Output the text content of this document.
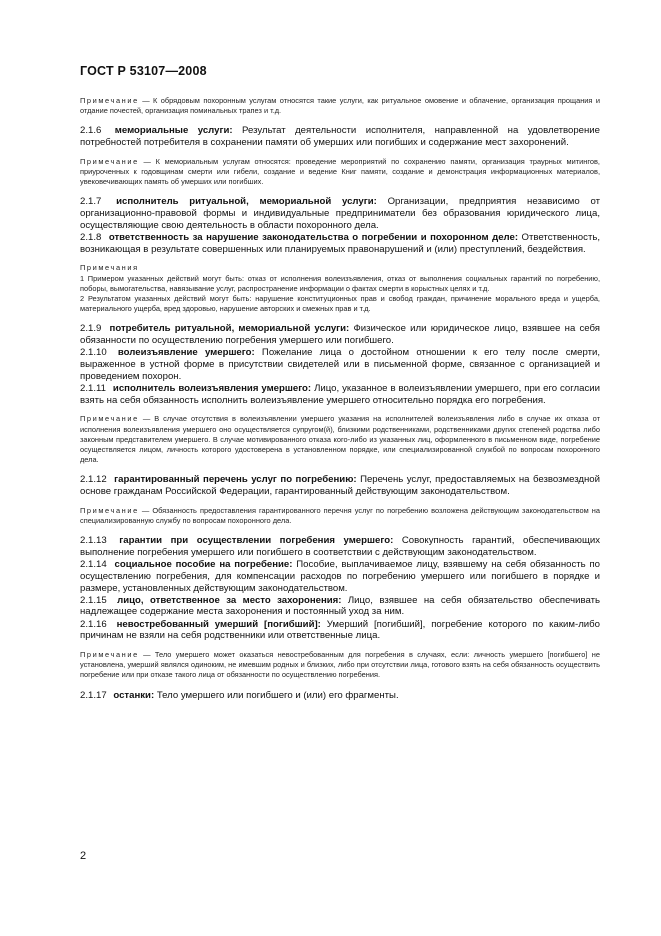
ГОСТ Р 53107—2008

Примечание — К обрядовым похоронным услугам относятся такие услуги, как ритуальное омовение и облачение, организация прощания и отдание почестей, организация поминальных трапез и т.д.

2.1.6 мемориальные услуги: Результат деятельности исполнителя, направленной на удовлетворение потребностей потребителя в сохранении памяти об умерших или погибших и содержание мест захоронений.

Примечание — К мемориальным услугам относятся: проведение мероприятий по сохранению памяти, организация траурных митингов, приуроченных к годовщинам смерти или гибели, создание и ведение Книг памяти, создание и демонстрация информационных материалов, увековечивающих память об умерших или погибших.

2.1.7 исполнитель ритуальной, мемориальной услуги: Организации, предприятия независимо от организационно-правовой формы и индивидуальные предприниматели без образования юридического лица, осуществляющие свою деятельность в области похоронного дела.

2.1.8 ответственность за нарушение законодательства о погребении и похоронном деле: Ответственность, возникающая в результате совершенных или планируемых правонарушений и (или) преступлений, бездействия.

Примечания

1 Примером указанных действий могут быть: отказ от исполнения волеизъявления, отказ от выполнения социальных гарантий по погребению, поборы, вымогательства, навязывание услуг, распространение информации о фактах смерти в корыстных целях и т.д.

2 Результатом указанных действий могут быть: нарушение конституционных прав и свобод граждан, причинение морального вреда и ущерба, материального ущерба, вред здоровью, нарушение авторских и смежных прав и т.д.

2.1.9 потребитель ритуальной, мемориальной услуги: Физическое или юридическое лицо, взявшее на себя обязанности по осуществлению погребения умершего или погибшего.

2.1.10 волеизъявление умершего: Пожелание лица о достойном отношении к его телу после смерти, выраженное в устной форме в присутствии свидетелей или в письменной форме, связанное с организацией и проведением похорон.

2.1.11 исполнитель волеизъявления умершего: Лицо, указанное в волеизъявлении умершего, при его согласии взять на себя обязанность исполнить волеизъявление умершего относительно порядка его погребения.

Примечание — В случае отсутствия в волеизъявлении умершего указания на исполнителей волеизъявления либо в случае их отказа от исполнения волеизъявления умершего оно осуществляется супругом(й), близкими родственниками, родственниками других степеней родства либо законным представителем умершего. В случае мотивированного отказа кого-либо из указанных лиц, оформленного в письменном виде, погребение осуществляется лицом, личность которого удостоверена в установленном порядке, или специализированной службой по вопросам похоронного дела.

2.1.12 гарантированный перечень услуг по погребению: Перечень услуг, предоставляемых на безвозмездной основе гражданам Российской Федерации, гарантированный действующим законодательством.

Примечание — Обязанность предоставления гарантированного перечня услуг по погребению возложена действующим законодательством на специализированную службу по вопросам похоронного дела.

2.1.13 гарантии при осуществлении погребения умершего: Совокупность гарантий, обеспечивающих выполнение погребения умершего или погибшего в соответствии с действующим законодательством.

2.1.14 социальное пособие на погребение: Пособие, выплачиваемое лицу, взявшему на себя обязанность по осуществлению погребения, для компенсации расходов по погребению умершего или погибшего в порядке и размере, установленных действующим законодательством.

2.1.15 лицо, ответственное за место захоронения: Лицо, взявшее на себя обязательство обеспечивать надлежащее содержание места захоронения и постоянный уход за ним.

2.1.16 невостребованный умерший [погибший]: Умерший [погибший], погребение которого по каким-либо причинам не взяли на себя родственники или ответственные лица.

Примечание — Тело умершего может оказаться невостребованным для погребения в случаях, если: личность умершего [погибшего] не установлена, умерший являлся одиноким, не имевшим родных и близких, либо при отсутствии лица, готового взять на себя обязанность осуществить погребение или при отказе такого лица от обязанности по осуществлению погребения.

2.1.17 останки: Тело умершего или погибшего и (или) его фрагменты.

2
